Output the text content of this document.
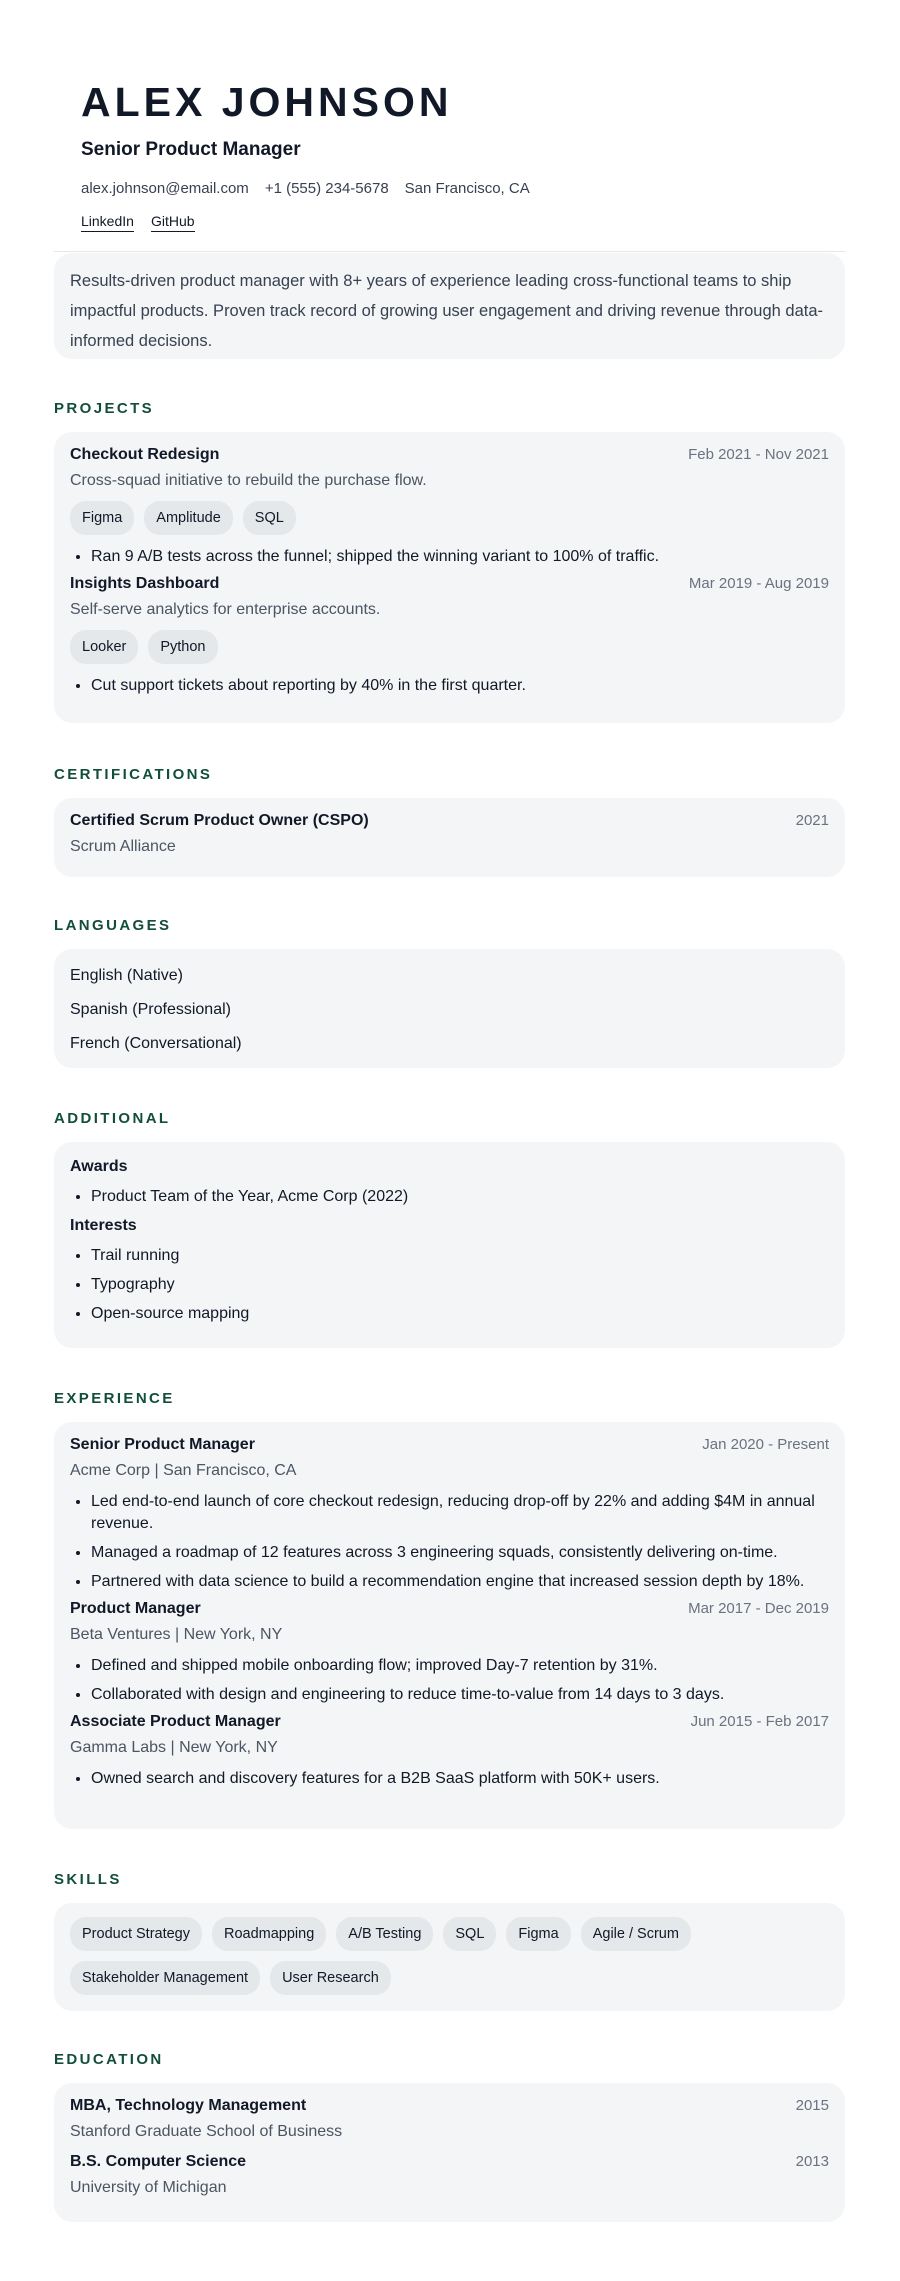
ALEX JOHNSON
Senior Product Manager
alex.johnson@email.com +1 (555) 234-5678 San Francisco, CA
LinkedIn GitHub
Results-driven product manager with 8+ years of experience leading cross-functional teams to ship impactful products. Proven track record of growing user engagement and driving revenue through data-informed decisions.
PROJECTS
Checkout Redesign	Feb 2021 - Nov 2021
Cross-squad initiative to rebuild the purchase flow.
Figma	Amplitude	SQL
• Ran 9 A/B tests across the funnel; shipped the winning variant to 100% of traffic.
Insights Dashboard	Mar 2019 - Aug 2019
Self-serve analytics for enterprise accounts.
Looker	Python
• Cut support tickets about reporting by 40% in the first quarter.
CERTIFICATIONS
Certified Scrum Product Owner (CSPO)	2021
Scrum Alliance
LANGUAGES
English (Native)
Spanish (Professional)
French (Conversational)
ADDITIONAL
Awards
• Product Team of the Year, Acme Corp (2022)
Interests
• Trail running
• Typography
• Open-source mapping
EXPERIENCE
Senior Product Manager	Jan 2020 - Present
Acme Corp | San Francisco, CA
• Led end-to-end launch of core checkout redesign, reducing drop-off by 22% and adding $4M in annual revenue.
• Managed a roadmap of 12 features across 3 engineering squads, consistently delivering on-time.
• Partnered with data science to build a recommendation engine that increased session depth by 18%.
Product Manager	Mar 2017 - Dec 2019
Beta Ventures | New York, NY
• Defined and shipped mobile onboarding flow; improved Day-7 retention by 31%.
• Collaborated with design and engineering to reduce time-to-value from 14 days to 3 days.
Associate Product Manager	Jun 2015 - Feb 2017
Gamma Labs | New York, NY
• Owned search and discovery features for a B2B SaaS platform with 50K+ users.
SKILLS
Product Strategy	Roadmapping	A/B Testing	SQL	Figma	Agile / Scrum
Stakeholder Management	User Research
EDUCATION
MBA, Technology Management	2015
Stanford Graduate School of Business
B.S. Computer Science	2013
University of Michigan
